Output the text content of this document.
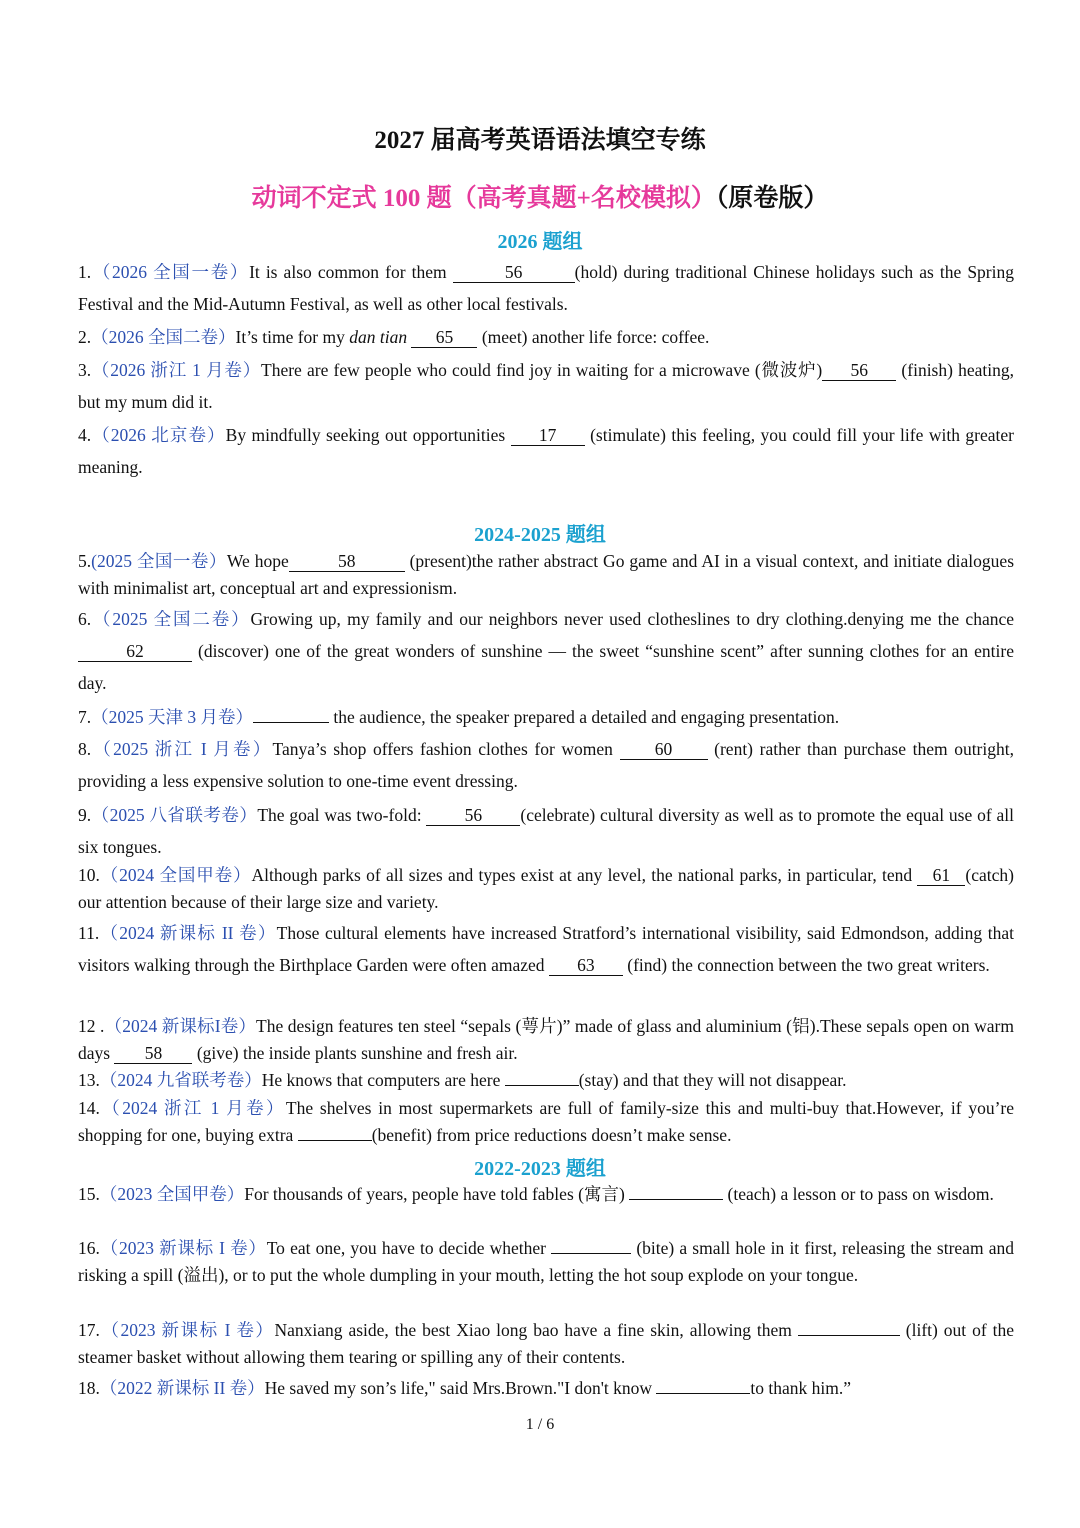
2027 届高考英语语法填空专练
动词不定式 100 题（高考真题+名校模拟）（原卷版）
2026 题组
1.（2026 全国一卷）It is also common for them	56	(hold) during traditional Chinese holidays such as the Spring Festival and the Mid-Autumn Festival, as well as other local festivals.
2.（2026 全国二卷）It’s time for my dan tian 65 (meet) another life force: coffee.
3.（2026 浙江 1 月卷）There are few people who could find joy in waiting for a microwave (微波炉) 56 (finish) heating, but my mum did it.
4.（2026 北京卷）By mindfully seeking out opportunities 17 (stimulate) this feeling, you could fill your life with greater meaning.
2024-2025 题组
5.(2025 全国一卷）We hope	58	(present)the rather abstract Go game and AI in a visual context, and initiate dialogues with minimalist art, conceptual art and expressionism.
6.（2025 全国二卷）Growing up, my family and our neighbors never used clotheslines to dry clothing.denying me the chance 62	(discover) one of the great wonders of sunshine — the sweet “sunshine scent” after sunning clothes for an entire day.
7.（2025 天津 3 月卷）	the audience, the speaker prepared a detailed and engaging presentation.
8.（2025 浙江 I 月卷）Tanya’s shop offers fashion clothes for women 60 (rent) rather than purchase them outright, providing a less expensive solution to one-time event dressing.
9.（2025 八省联考卷）The goal was two-fold: 56 (celebrate) cultural diversity as well as to promote the equal use of all six tongues.
10.（2024 全国甲卷）Although parks of all sizes and types exist at any level, the national parks, in particular, tend 61 (catch) our attention because of their large size and variety.
11.（2024 新课标 II 卷）Those cultural elements have increased Stratford’s international visibility, said Edmondson, adding that visitors walking through the Birthplace Garden were often amazed 63 (find) the connection between the two great writers.
12 .（2024 新课标I卷）The design features ten steel “sepals (萼片)” made of glass and aluminium (铝).These sepals open on warm days 58 (give) the inside plants sunshine and fresh air.
13.（2024 九省联考卷）He knows that computers are here	(stay) and that they will not disappear.
14.（2024 浙江 1 月卷）The shelves in most supermarkets are full of family-size this and multi-buy that.However, if you’re shopping for one, buying extra	(benefit) from price reductions doesn’t make sense.
2022-2023 题组
15.（2023 全国甲卷）For thousands of years, people have told fables (寓言)	(teach) a lesson or to pass on wisdom.
16.（2023 新课标 I 卷）To eat one, you have to decide whether	(bite) a small hole in it first, releasing the stream and risking a spill (溢出), or to put the whole dumpling in your mouth, letting the hot soup explode on your tongue.
17.（2023 新课标 I 卷）Nanxiang aside, the best Xiao long bao have a fine skin, allowing them	(lift) out of the steamer basket without allowing them tearing or spilling any of their contents.
18.（2022 新课标 II 卷）He saved my son’s life," said Mrs.Brown."I don't know	to thank him.”
1 / 6
